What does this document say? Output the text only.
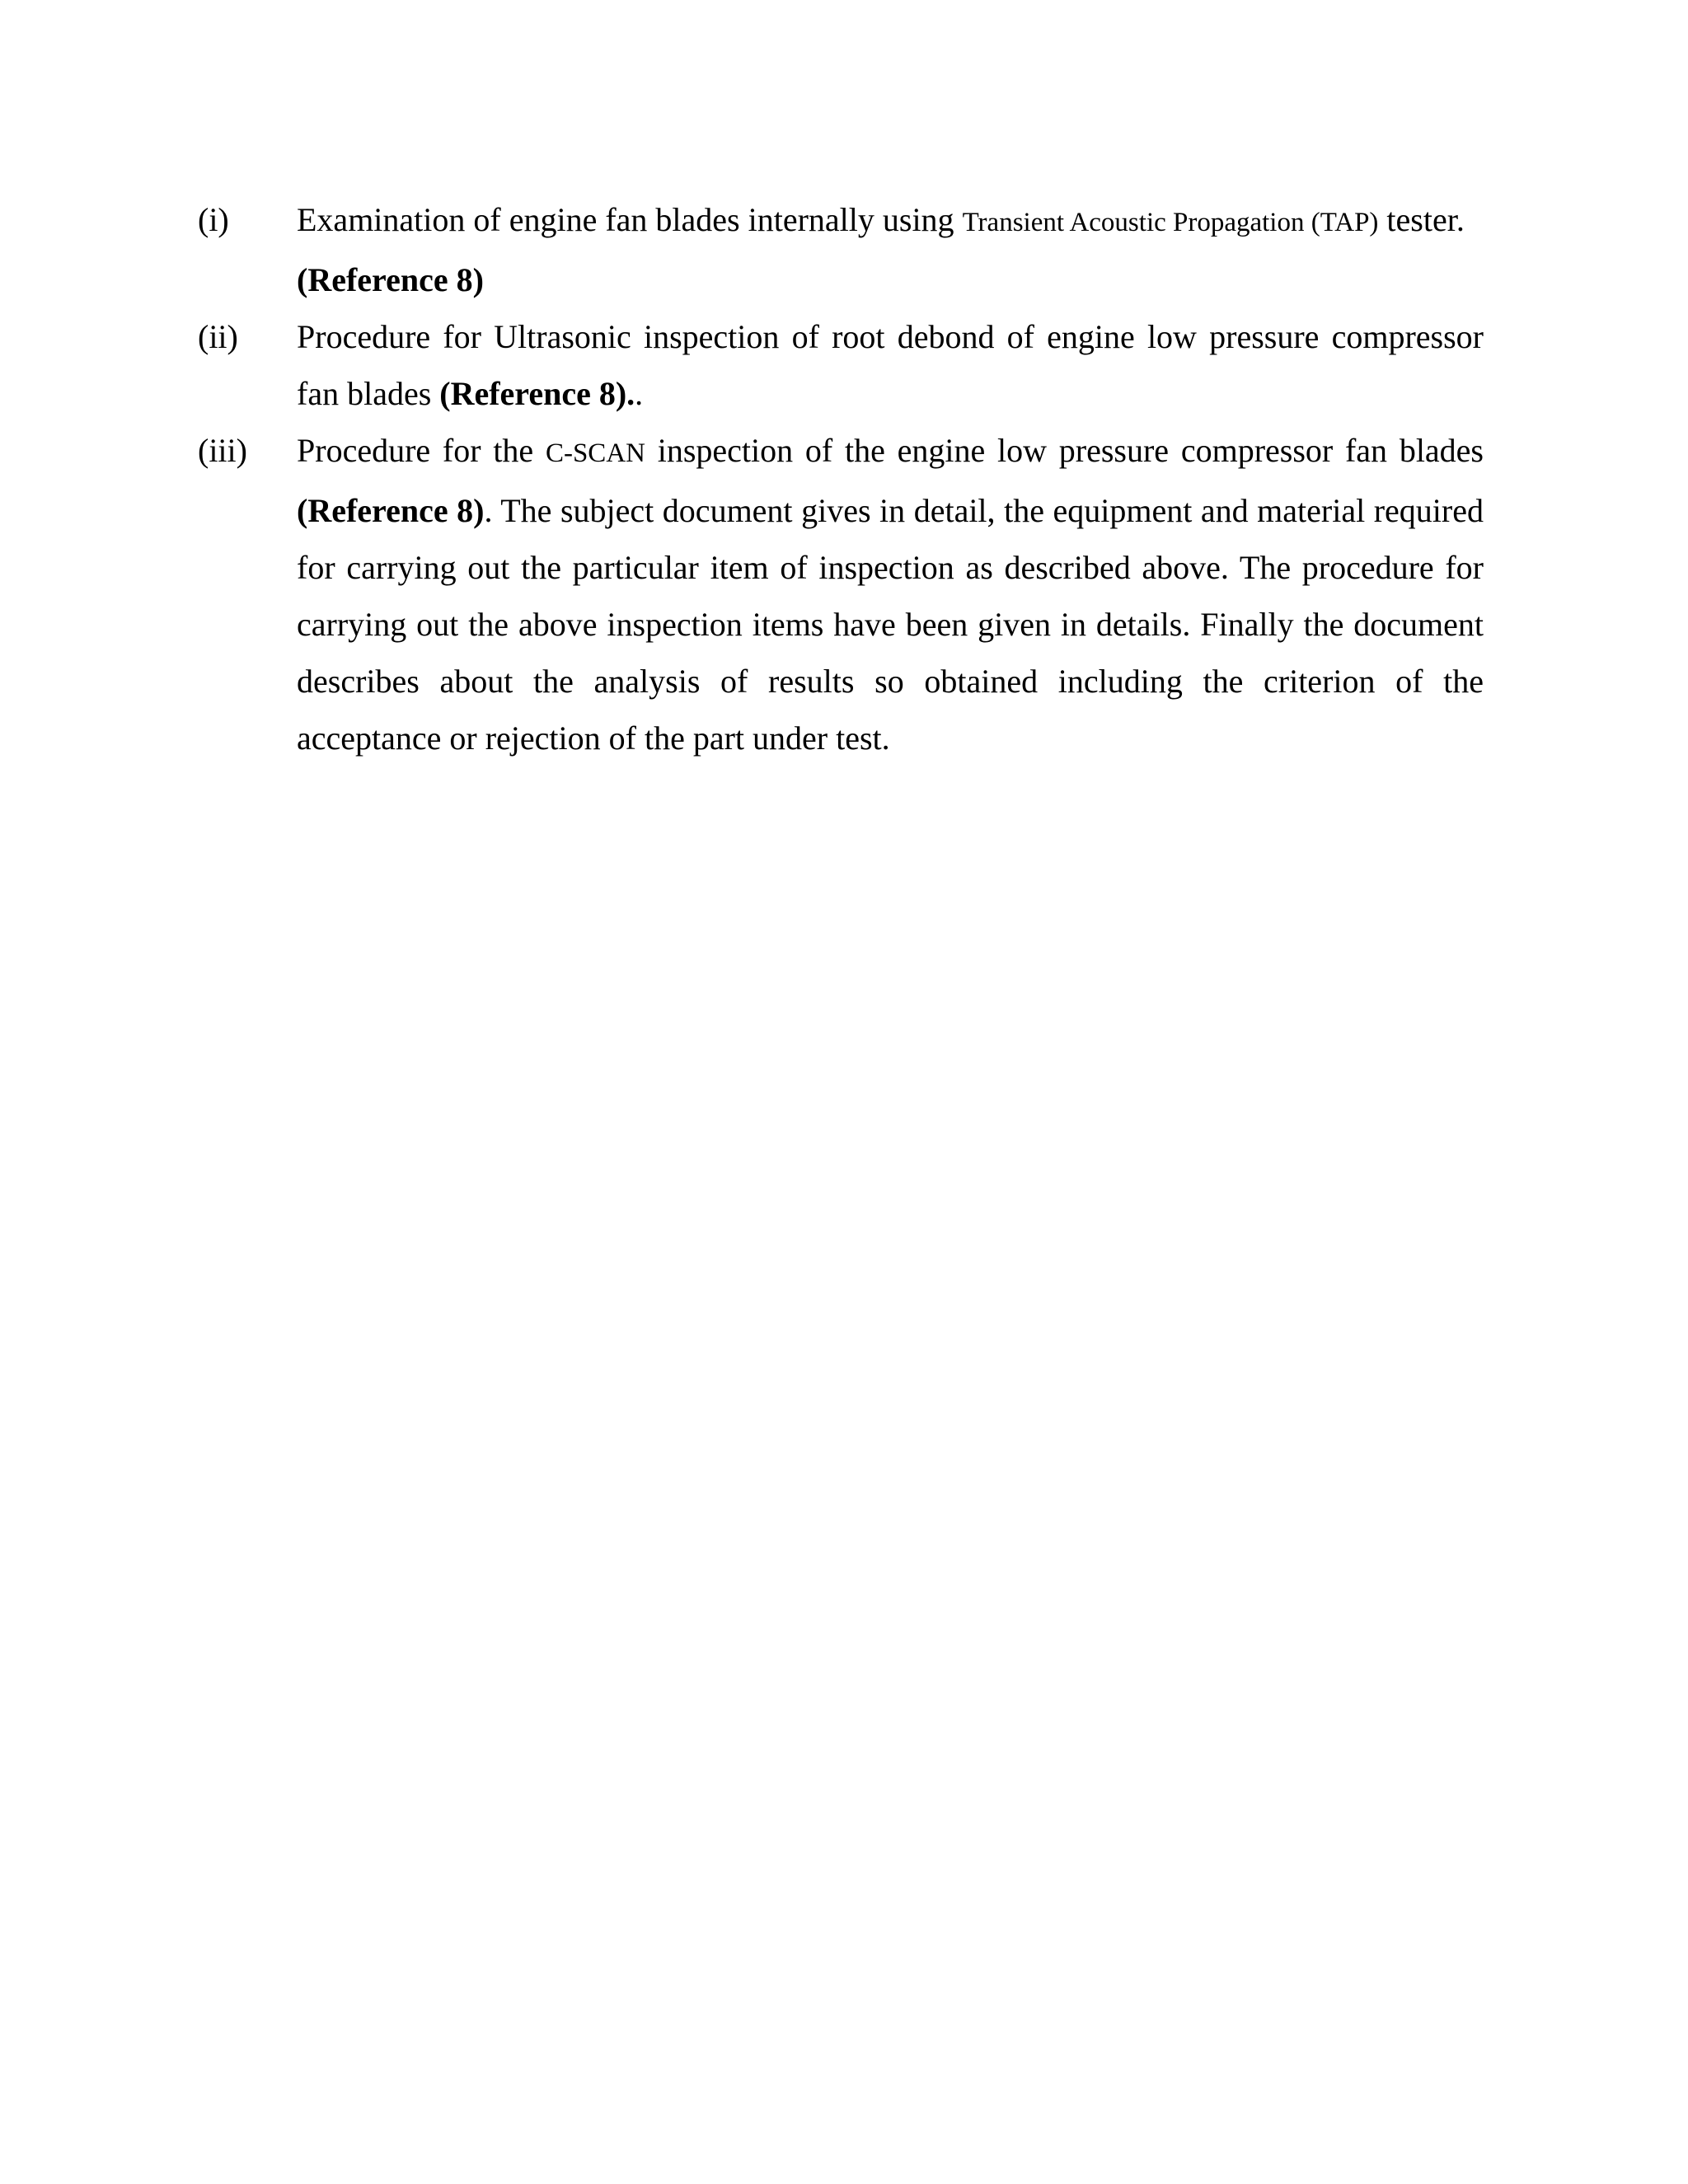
(i)	Examination of engine fan blades internally using Transient Acoustic Propagation (TAP) tester.
(Reference 8)
(ii)	Procedure for Ultrasonic inspection of root debond of engine low pressure compressor fan blades (Reference 8)..
(iii)	Procedure for the C-SCAN inspection of the engine low pressure compressor fan blades (Reference 8). The subject document gives in detail, the equipment and material required for carrying out the particular item of inspection as described above. The procedure for carrying out the above inspection items have been given in details. Finally the document describes about the analysis of results so obtained including the criterion of the acceptance or rejection of the part under test.
